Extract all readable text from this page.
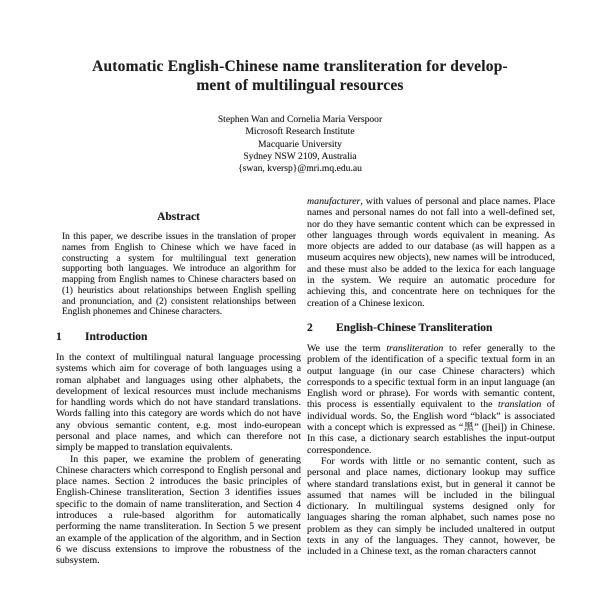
Automatic English-Chinese name transliteration for develop-
ment of multilingual resources
Stephen Wan and Cornelia Maria Verspoor
Microsoft Research Institute
Macquarie University
Sydney NSW 2109, Australia
{swan, kversp}@mri.mq.edu.au
Abstract

In this paper, we describe issues in the translation of proper names from English to Chinese which we have faced in constructing a system for multilingual text generation supporting both languages. We introduce an algorithm for mapping from English names to Chinese characters based on (1) heuristics about relationships between English spelling and pronunciation, and (2) consistent relationships between English phonemes and Chinese characters.

1 Introduction

In the context of multilingual natural language processing systems which aim for coverage of both languages using a roman alphabet and languages using other alphabets, the development of lexical resources must include mechanisms for handling words which do not have standard translations. Words falling into this category are words which do not have any obvious semantic content, e.g. most indo-european personal and place names, and which can therefore not simply be mapped to translation equivalents.

In this paper, we examine the problem of generating Chinese characters which correspond to English personal and place names. Section 2 introduces the basic principles of English-Chinese transliteration, Section 3 identifies issues specific to the domain of name transliteration, and Section 4 introduces a rule-based algorithm for automatically performing the name transliteration. In Section 5 we present an example of the application of the algorithm, and in Section 6 we discuss extensions to improve the robustness of the subsystem.

manufacturer, with values of personal and place names. Place names and personal names do not fall into a well-defined set, nor do they have semantic content which can be expressed in other languages through words equivalent in meaning. As more objects are added to our database (as will happen as a museum acquires new objects), new names will be introduced, and these must also be added to the lexica for each language in the system. We require an automatic procedure for achieving this, and concentrate here on techniques for the creation of a Chinese lexicon.

2 English-Chinese Transliteration

We use the term transliteration to refer generally to the problem of the identification of a specific textual form in an output language (in our case Chinese characters) which corresponds to a specific textual form in an input language (an English word or phrase). For words with semantic content, this process is essentially equivalent to the translation of individual words. So, the English word “black” is associated with a concept which is expressed as “黑” ([hei]) in Chinese. In this case, a dictionary search establishes the input-output correspondence.

For words with little or no semantic content, such as personal and place names, dictionary lookup may suffice where standard translations exist, but in general it cannot be assumed that names will be included in the bilingual dictionary. In multilingual systems designed only for languages sharing the roman alphabet, such names pose no problem as they can simply be included unaltered in output texts in any of the languages. They cannot, however, be included in a Chinese text, as the roman characters cannot
